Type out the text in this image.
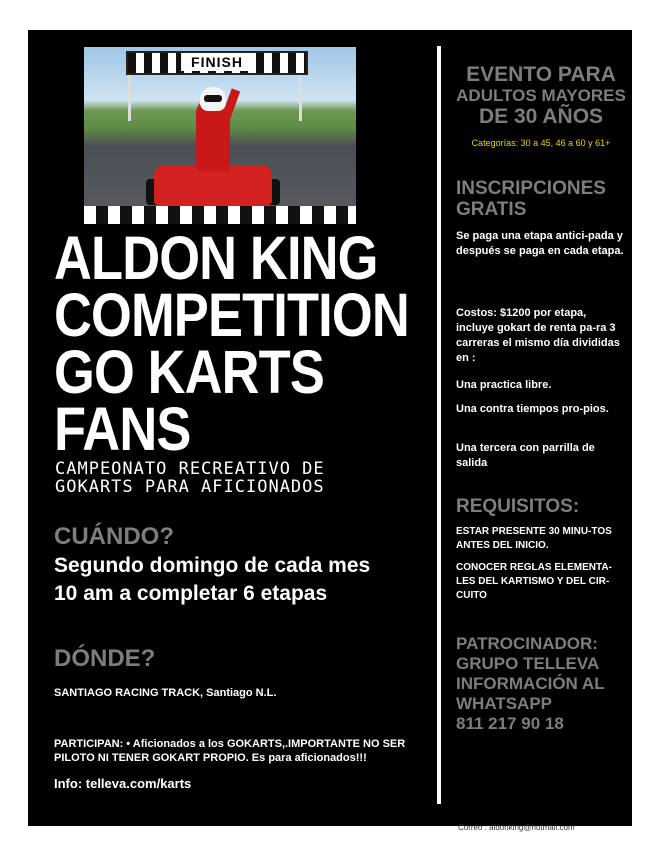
FINISH
ALDON KING
COMPETITION
GO KARTS
FANS
CAMPEONATO RECREATIVO DE
GOKARTS PARA AFICIONADOS

CUÁNDO?

Segundo domingo de cada mes
10 am a completar 6 etapas

DÓNDE?

SANTIAGO RACING TRACK, Santiago N.L.

PARTICIPAN: • Aficionados a los GOKARTS,.IMPORTANTE NO SER PILOTO NI TENER GOKART PROPIO. Es para aficionados!!!

Info: telleva.com/karts

EVENTO PARA
ADULTOS MAYORES
DE 30 AÑOS

Categorías: 30 a 45, 46 a 60 y 61+

INSCRIPCIONES GRATIS

Se paga una etapa antici-pada y después se paga en cada etapa.

Costos: $1200 por etapa, incluye gokart de renta pa-ra 3 carreras el mismo día divididas en :

Una practica libre.

Una contra tiempos pro-pios.

Una tercera con parrilla de salida

REQUISITOS:

ESTAR PRESENTE 30 MINU-TOS ANTES DEL INICIO.

CONOCER REGLAS ELEMENTA-LES DEL KARTISMO Y DEL CIR-CUITO

PATROCINADOR:
GRUPO TELLEVA
INFORMACIÓN AL
WHATSAPP
811 217 90 18

Correo : aldonking@hotmail.com
